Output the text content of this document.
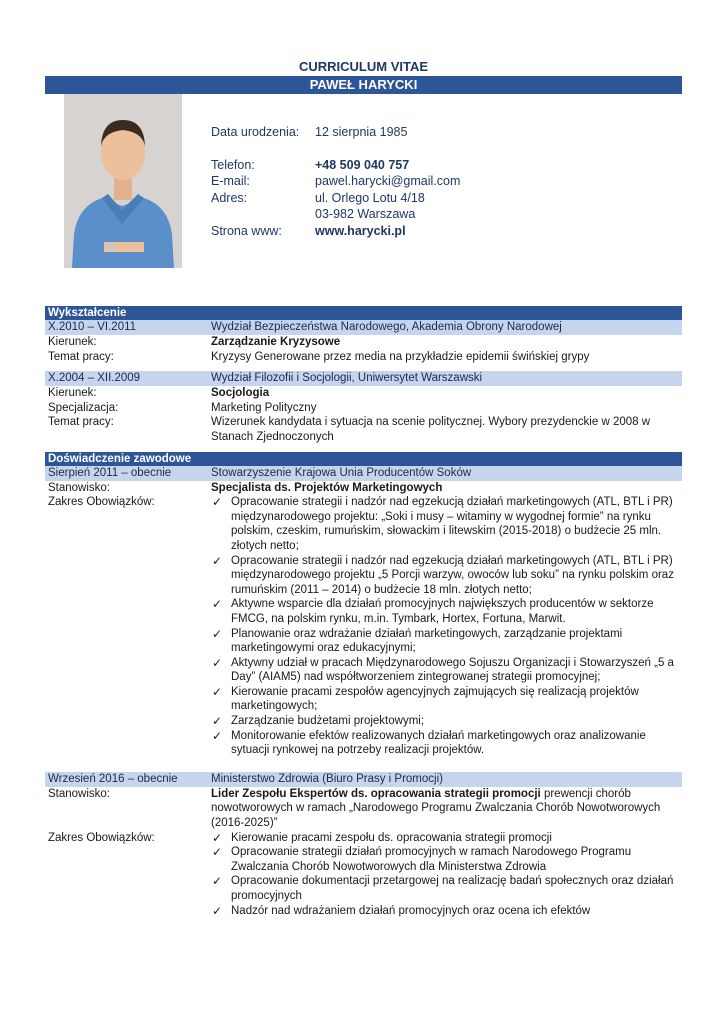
CURRICULUM VITAE
PAWEŁ HARYCKI
Data urodzenia:	12 sierpnia 1985
Telefon:	+48 509 040 757
E-mail:	pawel.harycki@gmail.com
Adres:	ul. Orlego Lotu 4/18
03-982 Warszawa
Strona www:	www.harycki.pl
Wykształcenie
X.2010 – VI.2011	Wydział Bezpieczeństwa Narodowego, Akademia Obrony Narodowej
Kierunek:	Zarządzanie Kryzysowe
Temat pracy:	Kryzysy Generowane przez media na przykładzie epidemii świńskiej grypy
X.2004 – XII.2009	Wydział Filozofii i Socjologii, Uniwersytet Warszawski
Kierunek:	Socjologia
Specjalizacja:	Marketing Polityczny
Temat pracy:	Wizerunek kandydata i sytuacja na scenie politycznej. Wybory prezydenckie w 2008 w Stanach Zjednoczonych
Doświadczenie zawodowe
Sierpień 2011 – obecnie	Stowarzyszenie Krajowa Unia Producentów Soków
Stanowisko:	Specjalista ds. Projektów Marketingowych
Zakres Obowiązków:	✓ Opracowanie strategii i nadzór nad egzekucją działań marketingowych (ATL, BTL i PR) międzynarodowego projektu: „Soki i musy – witaminy w wygodnej formie” na rynku polskim, czeskim, rumuńskim, słowackim i litewskim (2015-2018) o budżecie 25 mln. złotych netto;
✓ Opracowanie strategii i nadzór nad egzekucją działań marketingowych (ATL, BTL i PR) międzynarodowego projektu „5 Porcji warzyw, owoców lub soku” na rynku polskim oraz rumuńskim (2011 – 2014) o budżecie 18 mln. złotych netto;
✓ Aktywne wsparcie dla działań promocyjnych największych producentów w sektorze FMCG, na polskim rynku, m.in. Tymbark, Hortex, Fortuna, Marwit.
✓ Planowanie oraz wdrażanie działań marketingowych, zarządzanie projektami marketingowymi oraz edukacyjnymi;
✓ Aktywny udział w pracach Międzynarodowego Sojuszu Organizacji i Stowarzyszeń „5 a Day” (AIAM5) nad współtworzeniem zintegrowanej strategii promocyjnej;
✓ Kierowanie pracami zespołów agencyjnych zajmujących się realizacją projektów marketingowych;
✓ Zarządzanie budżetami projektowymi;
✓ Monitorowanie efektów realizowanych działań marketingowych oraz analizowanie sytuacji rynkowej na potrzeby realizacji projektów.
Wrzesień 2016 – obecnie	Ministerstwo Zdrowia (Biuro Prasy i Promocji)
Stanowisko:	Lider Zespołu Ekspertów ds. opracowania strategii promocji prewencji chorób nowotworowych w ramach „Narodowego Programu Zwalczania Chorób Nowotworowych (2016-2025)”
Zakres Obowiązków:	✓ Kierowanie pracami zespołu ds. opracowania strategii promocji
✓ Opracowanie strategii działań promocyjnych w ramach Narodowego Programu Zwalczania Chorób Nowotworowych dla Ministerstwa Zdrowia
✓ Opracowanie dokumentacji przetargowej na realizację badań społecznych oraz działań promocyjnych
✓ Nadzór nad wdrażaniem działań promocyjnych oraz ocena ich efektów
